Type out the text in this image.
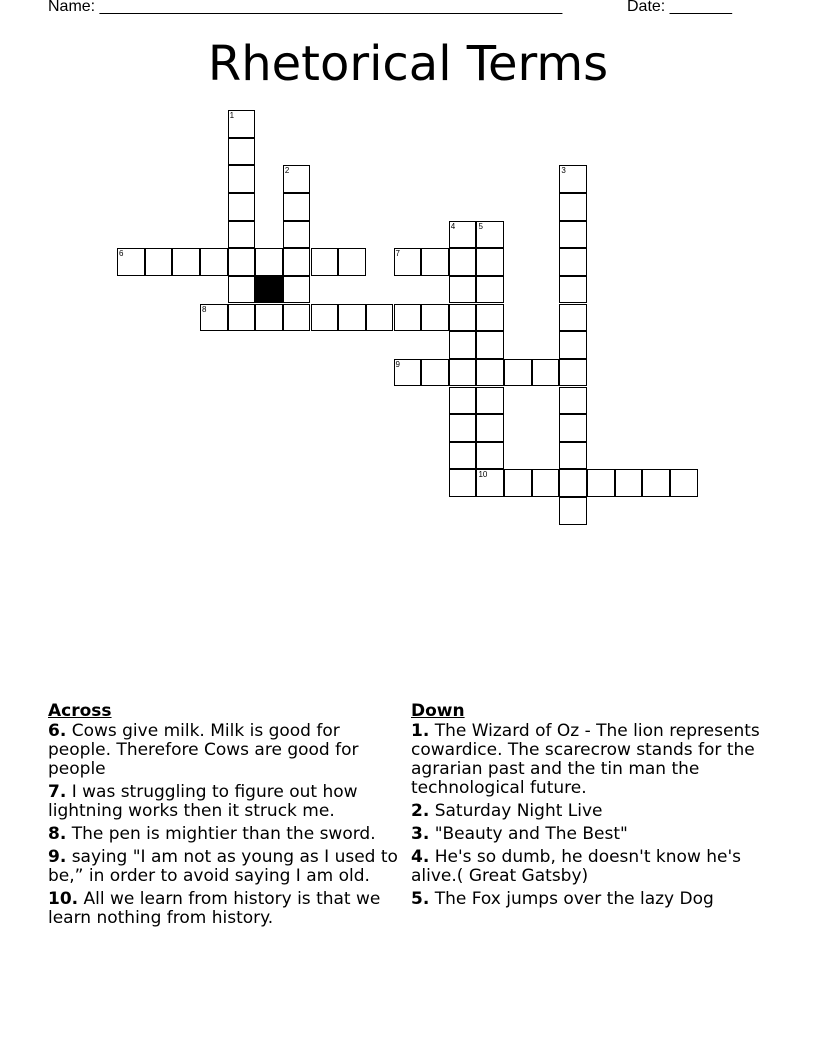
Name: ____________________________________________________	Date: _______
Rhetorical Terms
1
2	3
4	5
6	7
8
9
10
Across
6. Cows give milk. Milk is good for people. Therefore Cows are good for people
7. I was struggling to figure out how lightning works then it struck me.
8. The pen is mightier than the sword.
9. saying "I am not as young as I used to be,” in order to avoid saying I am old.
10. All we learn from history is that we learn nothing from history.
Down
1. The Wizard of Oz - The lion represents cowardice. The scarecrow stands for the agrarian past and the tin man the technological future.
2. Saturday Night Live
3. "Beauty and The Best"
4. He's so dumb, he doesn't know he's alive.( Great Gatsby)
5. The Fox jumps over the lazy Dog
